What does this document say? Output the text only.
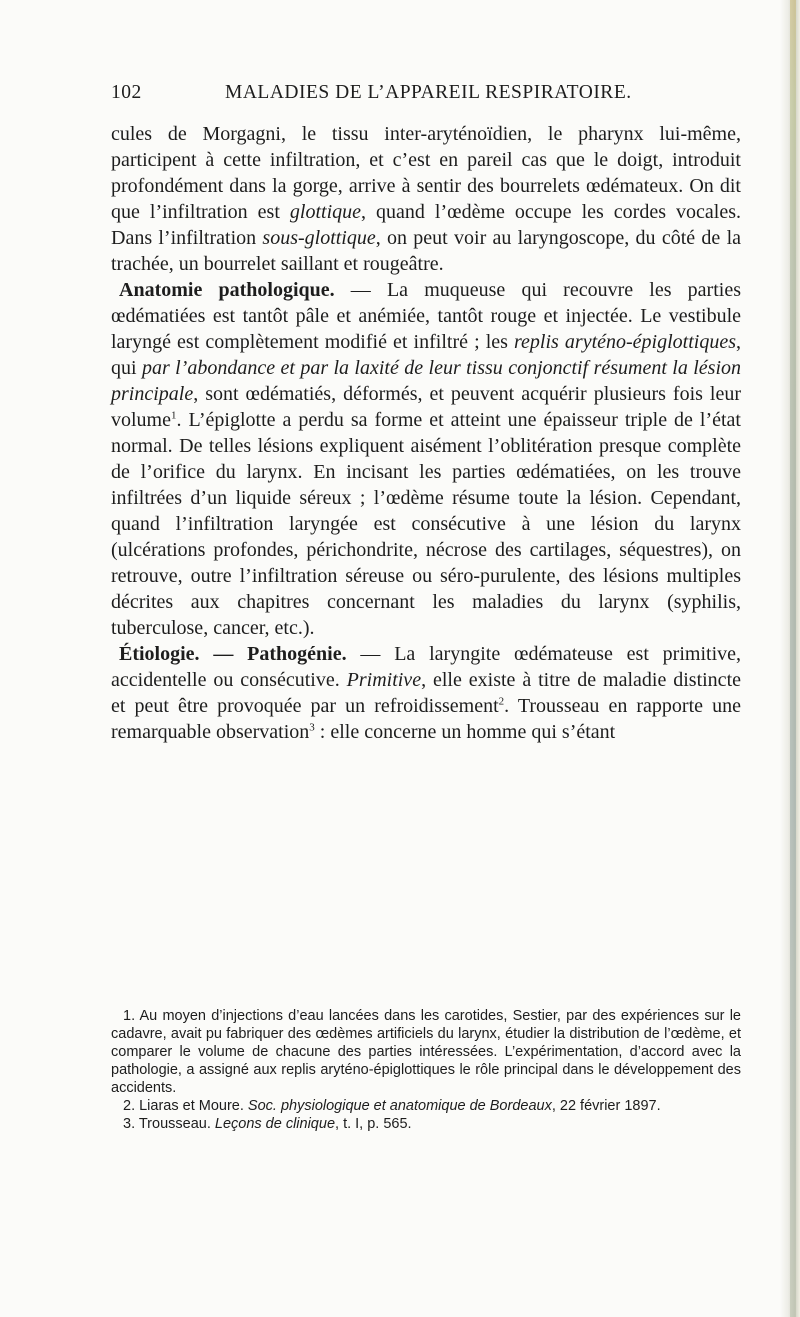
102	MALADIES DE L’APPAREIL RESPIRATOIRE.

cules de Morgagni, le tissu inter-aryténoïdien, le pharynx lui-même, participent à cette infiltration, et c’est en pareil cas que le doigt, introduit profondément dans la gorge, arrive à sentir des bourrelets œdémateux. On dit que l’infiltration est glottique, quand l’œdème occupe les cordes vocales. Dans l’infiltration sous-glottique, on peut voir au laryngoscope, du côté de la trachée, un bourrelet saillant et rougeâtre.

Anatomie pathologique. — La muqueuse qui recouvre les parties œdématiées est tantôt pâle et anémiée, tantôt rouge et injectée. Le vestibule laryngé est complètement modifié et infiltré ; les replis aryténo-épiglottiques, qui par l’abondance et par la laxité de leur tissu conjonctif résument la lésion principale, sont œdématiés, déformés, et peuvent acquérir plusieurs fois leur volume$^1$. L’épiglotte a perdu sa forme et atteint une épaisseur triple de l’état normal. De telles lésions expliquent aisément l’oblitération presque complète de l’orifice du larynx. En incisant les parties œdématiées, on les trouve infiltrées d’un liquide séreux ; l’œdème résume toute la lésion. Cependant, quand l’infiltration laryngée est consécutive à une lésion du larynx (ulcérations profondes, périchondrite, nécrose des cartilages, séquestres), on retrouve, outre l’infiltration séreuse ou séro-purulente, des lésions multiples décrites aux chapitres concernant les maladies du larynx (syphilis, tuberculose, cancer, etc.).

Étiologie. — Pathogénie. — La laryngite œdémateuse est primitive, accidentelle ou consécutive. Primitive, elle existe à titre de maladie distincte et peut être provoquée par un refroidissement$^2$. Trousseau en rapporte une remarquable observation$^3$ : elle concerne un homme qui s’étant

1. Au moyen d’injections d’eau lancées dans les carotides, Sestier, par des expériences sur le cadavre, avait pu fabriquer des œdèmes artificiels du larynx, étudier la distribution de l’œdème, et comparer le volume de chacune des parties intéressées. L’expérimentation, d’accord avec la pathologie, a assigné aux replis aryténo-épiglottiques le rôle principal dans le développement des accidents.

2. Liaras et Moure. Soc. physiologique et anatomique de Bordeaux, 22 février 1897.

3. Trousseau. Leçons de clinique, t. I, p. 565.
